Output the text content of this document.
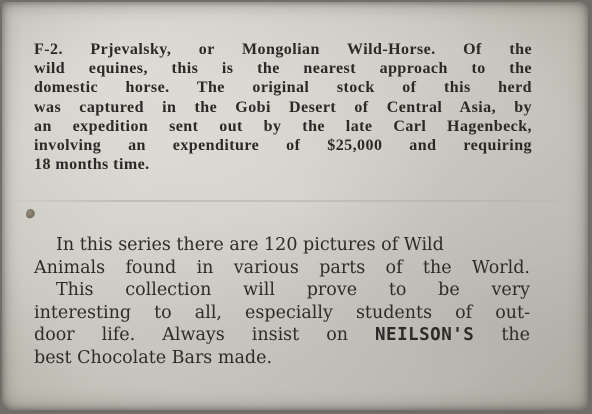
F-2. Prjevalsky, or Mongolian Wild-Horse. Of the
wild equines, this is the nearest approach to the
domestic horse. The original stock of this herd
was captured in the Gobi Desert of Central Asia, by
an expedition sent out by the late Carl Hagenbeck,
involving an expenditure of $25,000 and requiring
18 months time.

In this series there are 120 pictures of Wild
Animals found in various parts of the World.
This collection will prove to be very
interesting to all, especially students of out-
door life. Always insist on NEILSON'S the
best Chocolate Bars made.
